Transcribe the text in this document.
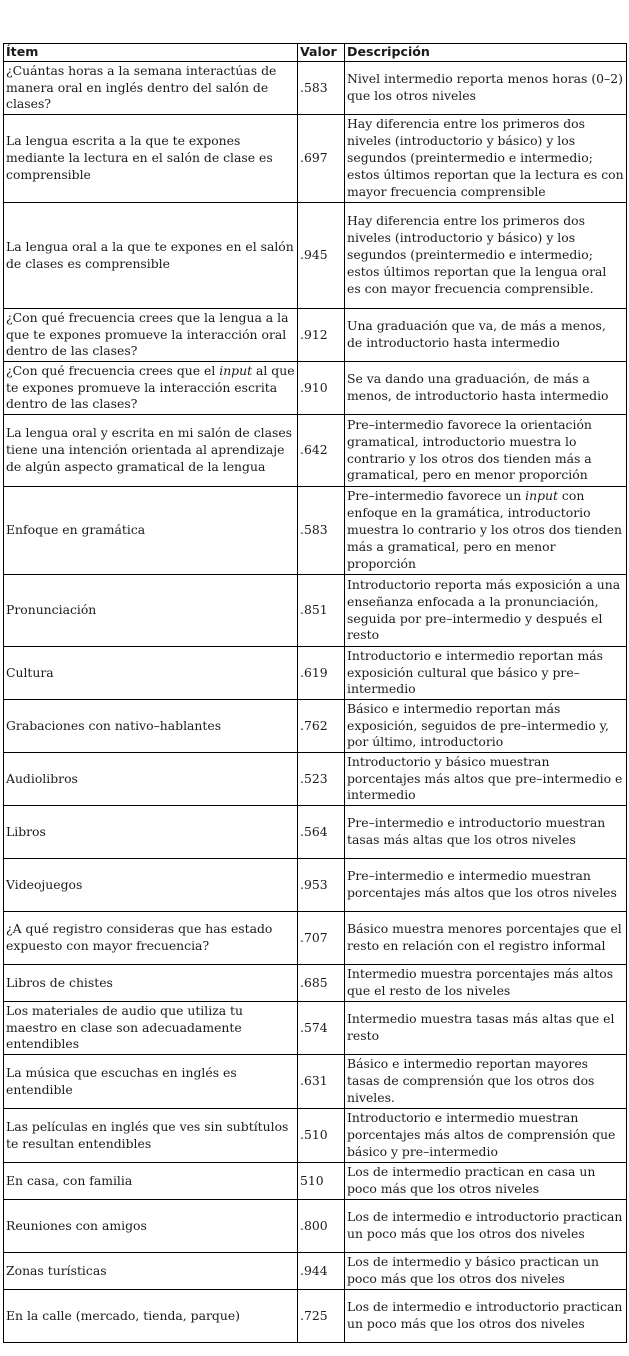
Ítem	Valor	Descripción
¿Cuántas horas a la semana interactúas de manera oral en inglés dentro del salón de clases?	.583	Nivel intermedio reporta menos horas (0–2) que los otros niveles
La lengua escrita a la que te expones mediante la lectura en el salón de clase es comprensible	.697	Hay diferencia entre los primeros dos niveles (introductorio y básico) y los segundos (preintermedio e intermedio; estos últimos reportan que la lectura es con mayor frecuencia comprensible
La lengua oral a la que te expones en el salón de clases es comprensible	.945	Hay diferencia entre los primeros dos niveles (introductorio y básico) y los segundos (preintermedio e intermedio; estos últimos reportan que la lengua oral es con mayor frecuencia comprensible.
¿Con qué frecuencia crees que la lengua a la que te expones promueve la interacción oral dentro de las clases?	.912	Una graduación que va, de más a menos, de introductorio hasta intermedio
¿Con qué frecuencia crees que el input al que te expones promueve la interacción escrita dentro de las clases?	.910	Se va dando una graduación, de más a menos, de introductorio hasta intermedio
La lengua oral y escrita en mi salón de clases tiene una intención orientada al aprendizaje de algún aspecto gramatical de la lengua	.642	Pre–intermedio favorece la orientación gramatical, introductorio muestra lo contrario y los otros dos tienden más a gramatical, pero en menor proporción
Enfoque en gramática	.583	Pre–intermedio favorece un input con enfoque en la gramática, introductorio muestra lo contrario y los otros dos tienden más a gramatical, pero en menor proporción
Pronunciación	.851	Introductorio reporta más exposición a una enseñanza enfocada a la pronunciación, seguida por pre–intermedio y después el resto
Cultura	.619	Introductorio e intermedio reportan más exposición cultural que básico y pre–intermedio
Grabaciones con nativo–hablantes	.762	Básico e intermedio reportan más exposición, seguidos de pre–intermedio y, por último, introductorio
Audiolibros	.523	Introductorio y básico muestran porcentajes más altos que pre–intermedio e intermedio
Libros	.564	Pre–intermedio e introductorio muestran tasas más altas que los otros niveles
Videojuegos	.953	Pre–intermedio e intermedio muestran porcentajes más altos que los otros niveles
¿A qué registro consideras que has estado expuesto con mayor frecuencia?	.707	Básico muestra menores porcentajes que el resto en relación con el registro informal
Libros de chistes	.685	Intermedio muestra porcentajes más altos que el resto de los niveles
Los materiales de audio que utiliza tu maestro en clase son adecuadamente entendibles	.574	Intermedio muestra tasas más altas que el resto
La música que escuchas en inglés es entendible	.631	Básico e intermedio reportan mayores tasas de comprensión que los otros dos niveles.
Las películas en inglés que ves sin subtítulos te resultan entendibles	.510	Introductorio e intermedio muestran porcentajes más altos de comprensión que básico y pre–intermedio
En casa, con familia	510	Los de intermedio practican en casa un poco más que los otros niveles
Reuniones con amigos	.800	Los de intermedio e introductorio practican un poco más que los otros dos niveles
Zonas turísticas	.944	Los de intermedio y básico practican un poco más que los otros dos niveles
En la calle (mercado, tienda, parque)	.725	Los de intermedio e introductorio practican un poco más que los otros dos niveles
